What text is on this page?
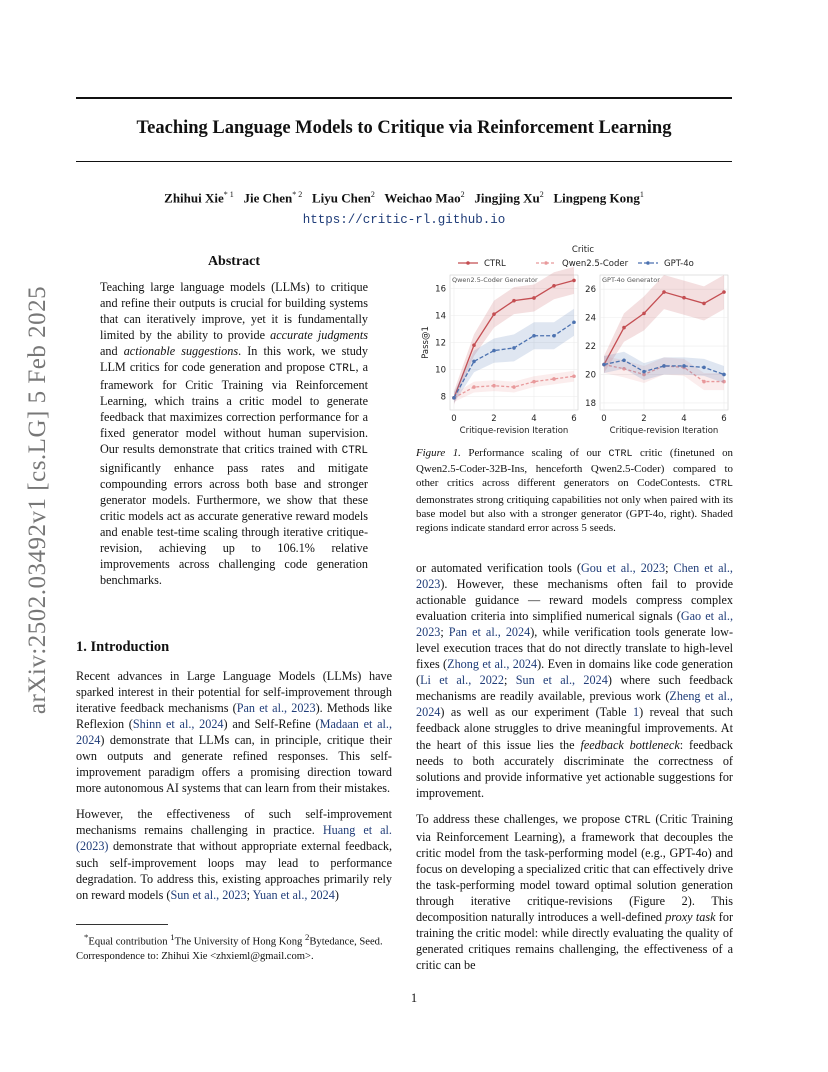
arXiv:2502.03492v1 [cs.LG] 5 Feb 2025
Teaching Language Models to Critique via Reinforcement Learning
Zhihui Xie$^{* 1}$ Jie Chen$^{* 2}$ Liyu Chen$^2$ Weichao Mao$^2$ Jingjing Xu$^2$ Lingpeng Kong$^1$
https://critic-rl.github.io
Abstract
Teaching large language models (LLMs) to critique and refine their outputs is crucial for building systems that can iteratively improve, yet it is fundamentally limited by the ability to provide accurate judgments and actionable suggestions. In this work, we study LLM critics for code generation and propose CTRL, a framework for Critic Training via Reinforcement Learning, which trains a critic model to generate feedback that maximizes correction performance for a fixed generator model without human supervision. Our results demonstrate that critics trained with CTRL significantly enhance pass rates and mitigate compounding errors across both base and stronger generator models. Furthermore, we show that these critic models act as accurate generative reward models and enable test-time scaling through iterative critique-revision, achieving up to 106.1% relative improvements across challenging code generation benchmarks.
1. Introduction

Recent advances in Large Language Models (LLMs) have sparked interest in their potential for self-improvement through iterative feedback mechanisms (Pan et al., 2023). Methods like Reflexion (Shinn et al., 2024) and Self-Refine (Madaan et al., 2024) demonstrate that LLMs can, in principle, critique their own outputs and generate refined responses. This self-improvement paradigm offers a promising direction toward more autonomous AI systems that can learn from their mistakes.

However, the effectiveness of such self-improvement mechanisms remains challenging in practice. Huang et al. (2023) demonstrate that without appropriate external feedback, such self-improvement loops may lead to performance degradation. To address this, existing approaches primarily rely on reward models (Sun et al., 2023; Yuan et al., 2024)

*Equal contribution $^1$The University of Hong Kong $^2$Bytedance, Seed. Correspondence to: Zhihui Xie <zhxieml@gmail.com>.
Critic
CTRL	Qwen2.5-Coder	GPT-4o
8
10
12
14
16
0	2	4	6
Qwen2.5-Coder Generator
Critique-revision Iteration
Pass@1
18
20
22
24
26
0	2	4	6
GPT-4o Generator
Critique-revision Iteration
Figure 1. Performance scaling of our CTRL critic (finetuned on Qwen2.5-Coder-32B-Ins, henceforth Qwen2.5-Coder) compared to other critics across different generators on CodeContests. CTRL demonstrates strong critiquing capabilities not only when paired with its base model but also with a stronger generator (GPT-4o, right). Shaded regions indicate standard error across 5 seeds.

or automated verification tools (Gou et al., 2023; Chen et al., 2023). However, these mechanisms often fail to provide actionable guidance — reward models compress complex evaluation criteria into simplified numerical signals (Gao et al., 2023; Pan et al., 2024), while verification tools generate low-level execution traces that do not directly translate to high-level fixes (Zhong et al., 2024). Even in domains like code generation (Li et al., 2022; Sun et al., 2024) where such feedback mechanisms are readily available, previous work (Zheng et al., 2024) as well as our experiment (Table 1) reveal that such feedback alone struggles to drive meaningful improvements. At the heart of this issue lies the feedback bottleneck: feedback needs to both accurately discriminate the correctness of solutions and provide informative yet actionable suggestions for improvement.

To address these challenges, we propose CTRL (Critic Training via Reinforcement Learning), a framework that decouples the critic model from the task-performing model (e.g., GPT-4o) and focus on developing a specialized critic that can effectively drive the task-performing model toward optimal solution generation through iterative critique-revisions (Figure 2). This decomposition naturally introduces a well-defined proxy task for training the critic model: while directly evaluating the quality of generated critiques remains challenging, the effectiveness of a critic can be

1
